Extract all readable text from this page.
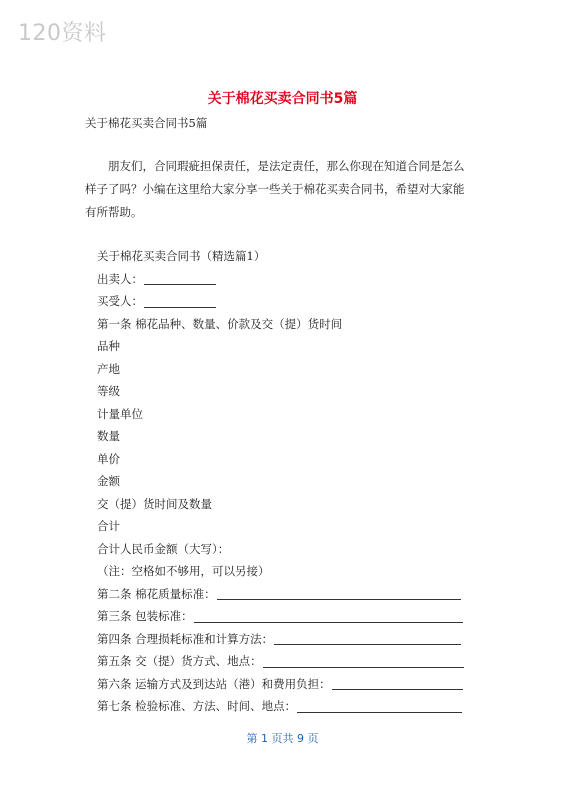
120资料
关于棉花买卖合同书5篇
关于棉花买卖合同书5篇
朋友们，合同瑕疵担保责任，是法定责任，那么你现在知道合同是怎么样子了吗？小编在这里给大家分享一些关于棉花买卖合同书，希望对大家能有所帮助。
关于棉花买卖合同书（精选篇1）
出卖人：
买受人：
第一条 棉花品种、数量、价款及交（提）货时间
品种
产地
等级
计量单位
数量
单价
金额
交（提）货时间及数量
合计
合计人民币金额（大写）：
（注：空格如不够用，可以另接）
第二条 棉花质量标准：
第三条 包装标准：
第四条 合理损耗标准和计算方法：
第五条 交（提）货方式、地点：
第六条 运输方式及到达站（港）和费用负担：
第七条 检验标准、方法、时间、地点：
第 1 页共 9 页
